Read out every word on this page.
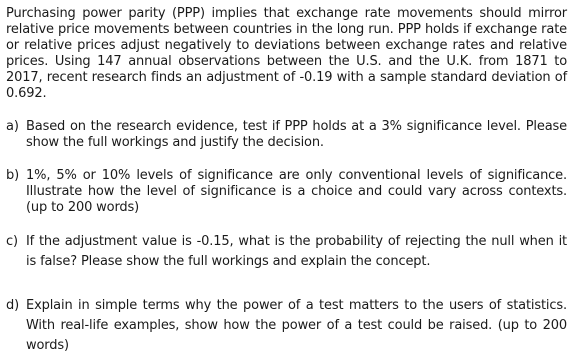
Purchasing power parity (PPP) implies that exchange rate movements should mirror relative price movements between countries in the long run. PPP holds if exchange rate or relative prices adjust negatively to deviations between exchange rates and relative prices. Using 147 annual observations between the U.S. and the U.K. from 1871 to 2017, recent research finds an adjustment of -0.19 with a sample standard deviation of 0.692.

a) Based on the research evidence, test if PPP holds at a 3% significance level. Please show the full workings and justify the decision.
b) 1%, 5% or 10% levels of significance are only conventional levels of significance. Illustrate how the level of significance is a choice and could vary across contexts. (up to 200 words)
c) If the adjustment value is -0.15, what is the probability of rejecting the null when it is false? Please show the full workings and explain the concept.
d) Explain in simple terms why the power of a test matters to the users of statistics. With real-life examples, show how the power of a test could be raised. (up to 200 words)
